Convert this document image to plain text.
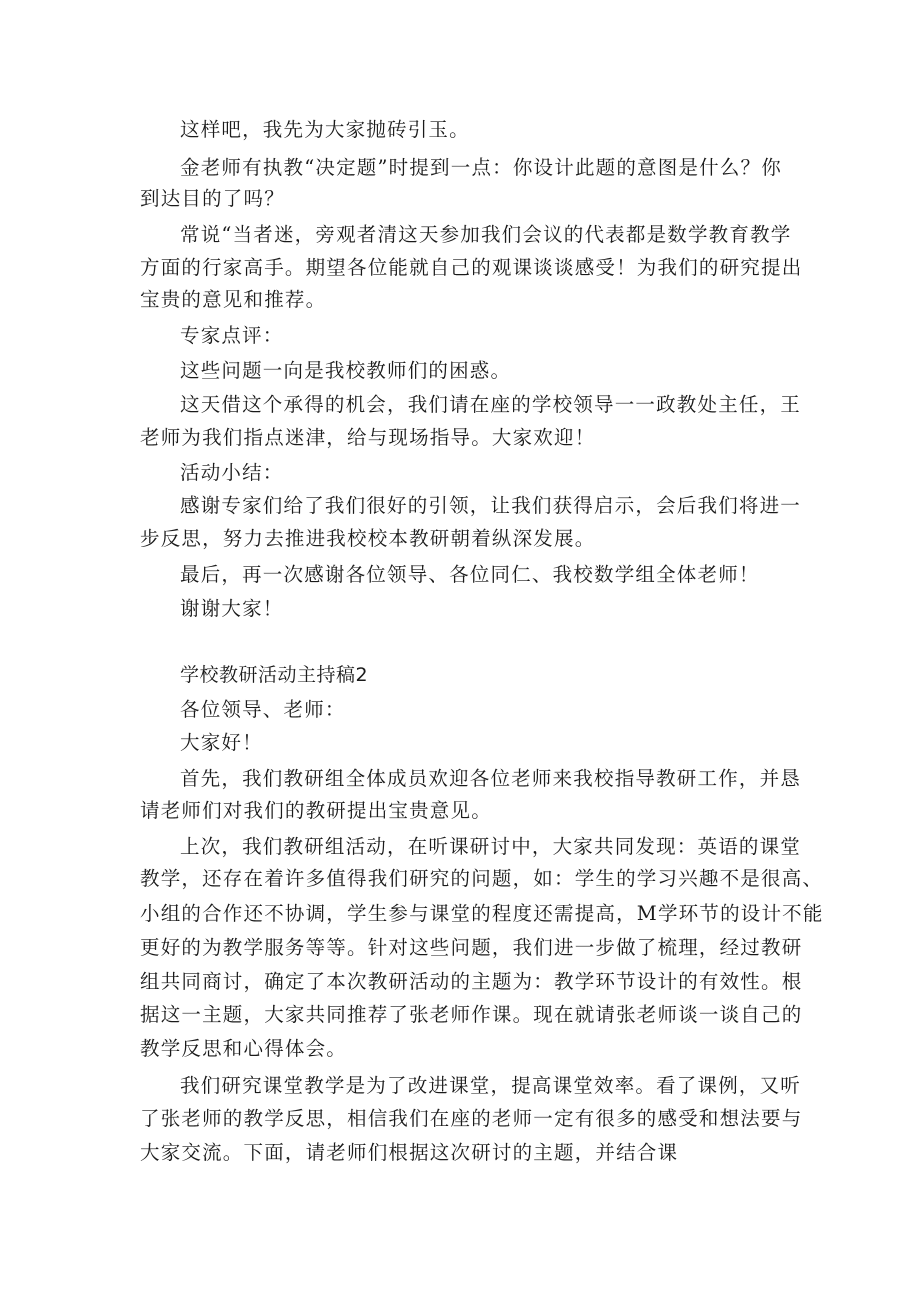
这样吧，我先为大家抛砖引玉。
金老师有执教“决定题”时提到一点：你设计此题的意图是什么？你
到达目的了吗？
常说“当者迷，旁观者清这天参加我们会议的代表都是数学教育教学
方面的行家高手。期望各位能就自己的观课谈谈感受！为我们的研究提出
宝贵的意见和推荐。
专家点评：
这些问题一向是我校教师们的困惑。
这天借这个承得的机会，我们请在座的学校领导一一政教处主任，王
老师为我们指点迷津，给与现场指导。大家欢迎！
活动小结：
感谢专家们给了我们很好的引领，让我们获得启示，会后我们将进一
步反思，努力去推进我校校本教研朝着纵深发展。
最后，再一次感谢各位领导、各位同仁、我校数学组全体老师！
谢谢大家！
学校教研活动主持稿2
各位领导、老师：
大家好！
首先，我们教研组全体成员欢迎各位老师来我校指导教研工作，并恳
请老师们对我们的教研提出宝贵意见。
上次，我们教研组活动，在听课研讨中，大家共同发现：英语的课堂
教学，还存在着许多值得我们研究的问题，如：学生的学习兴趣不是很高、
小组的合作还不协调，学生参与课堂的程度还需提高，M学环节的设计不能
更好的为教学服务等等。针对这些问题，我们进一步做了梳理，经过教研
组共同商讨，确定了本次教研活动的主题为：教学环节设计的有效性。根
据这一主题，大家共同推荐了张老师作课。现在就请张老师谈一谈自己的
教学反思和心得体会。
我们研究课堂教学是为了改进课堂，提高课堂效率。看了课例，又听
了张老师的教学反思，相信我们在座的老师一定有很多的感受和想法要与
大家交流。下面，请老师们根据这次研讨的主题，并结合课
